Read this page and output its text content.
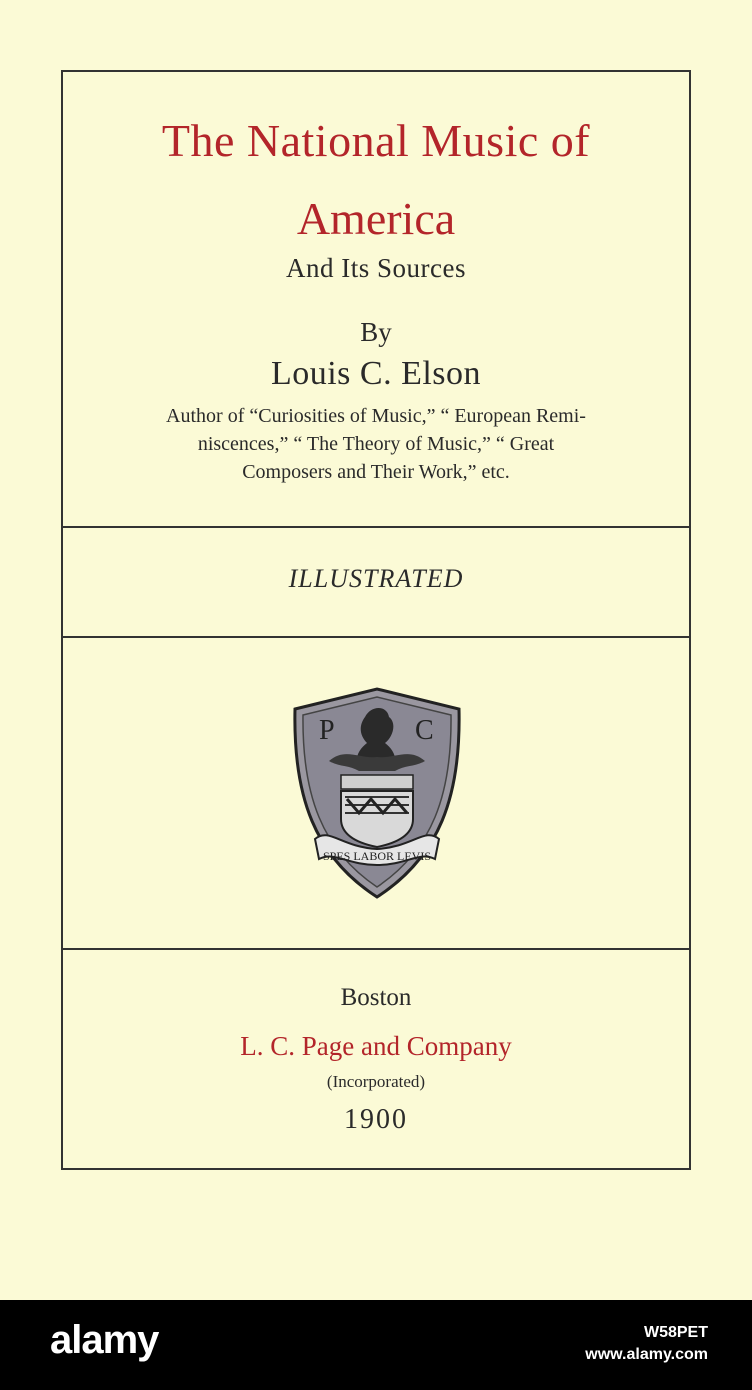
The National Music of
America
And Its Sources
By
Louis C. Elson
Author of “Curiosities of Music,” “ European Remi-
niscences,” “ The Theory of Music,” “ Great
Composers and Their Work,” etc.
ILLUSTRATED
P	C
SPES LABOR LEVIS
Boston
L. C. Page and Company
(Incorporated)
1900
alamy	W58PET
www.alamy.com
